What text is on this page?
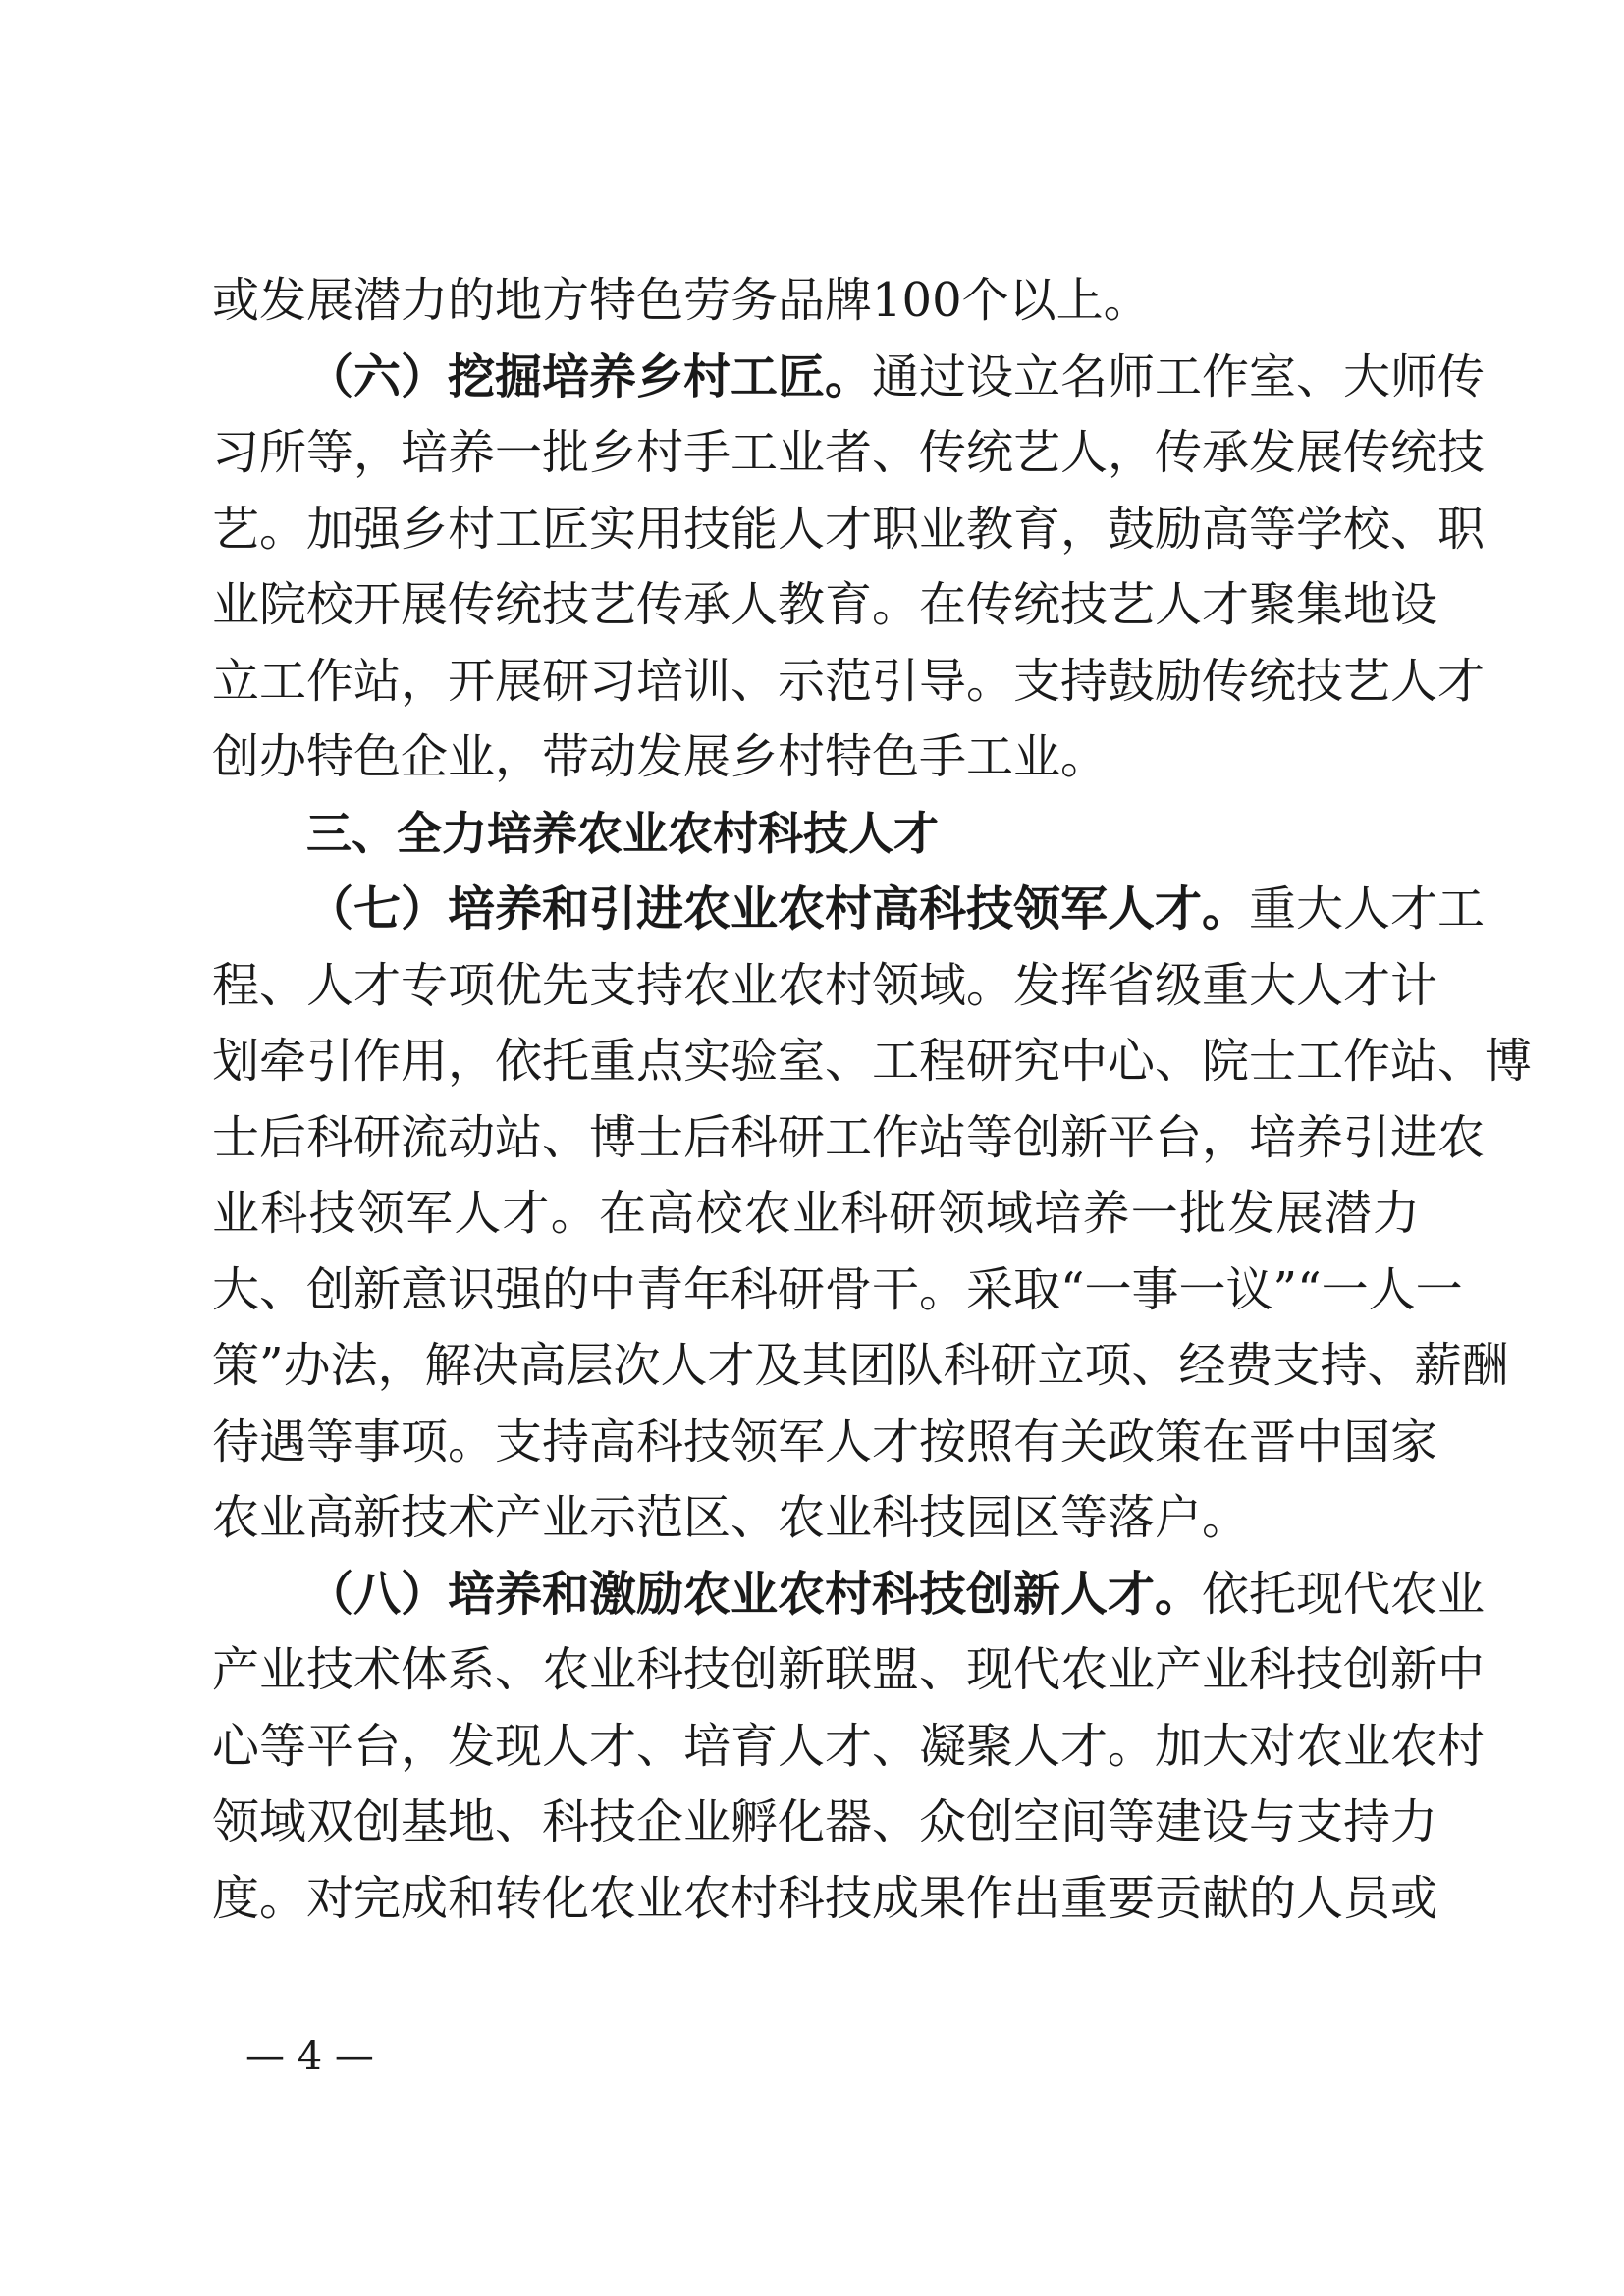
或发展潜力的地方特色劳务品牌100个以上。
（六）挖掘培养乡村工匠。通过设立名师工作室、大师传
习所等，培养一批乡村手工业者、传统艺人，传承发展传统技
艺。加强乡村工匠实用技能人才职业教育，鼓励高等学校、职
业院校开展传统技艺传承人教育。在传统技艺人才聚集地设
立工作站，开展研习培训、示范引导。支持鼓励传统技艺人才
创办特色企业，带动发展乡村特色手工业。
三、全力培养农业农村科技人才
（七）培养和引进农业农村高科技领军人才。重大人才工
程、人才专项优先支持农业农村领域。发挥省级重大人才计
划牵引作用，依托重点实验室、工程研究中心、院士工作站、博
士后科研流动站、博士后科研工作站等创新平台，培养引进农
业科技领军人才。在高校农业科研领域培养一批发展潜力
大、创新意识强的中青年科研骨干。采取“一事一议”“一人一
策”办法，解决高层次人才及其团队科研立项、经费支持、薪酬
待遇等事项。支持高科技领军人才按照有关政策在晋中国家
农业高新技术产业示范区、农业科技园区等落户。
（八）培养和激励农业农村科技创新人才。依托现代农业
产业技术体系、农业科技创新联盟、现代农业产业科技创新中
心等平台，发现人才、培育人才、凝聚人才。加大对农业农村
领域双创基地、科技企业孵化器、众创空间等建设与支持力
度。对完成和转化农业农村科技成果作出重要贡献的人员或
— 4 —
